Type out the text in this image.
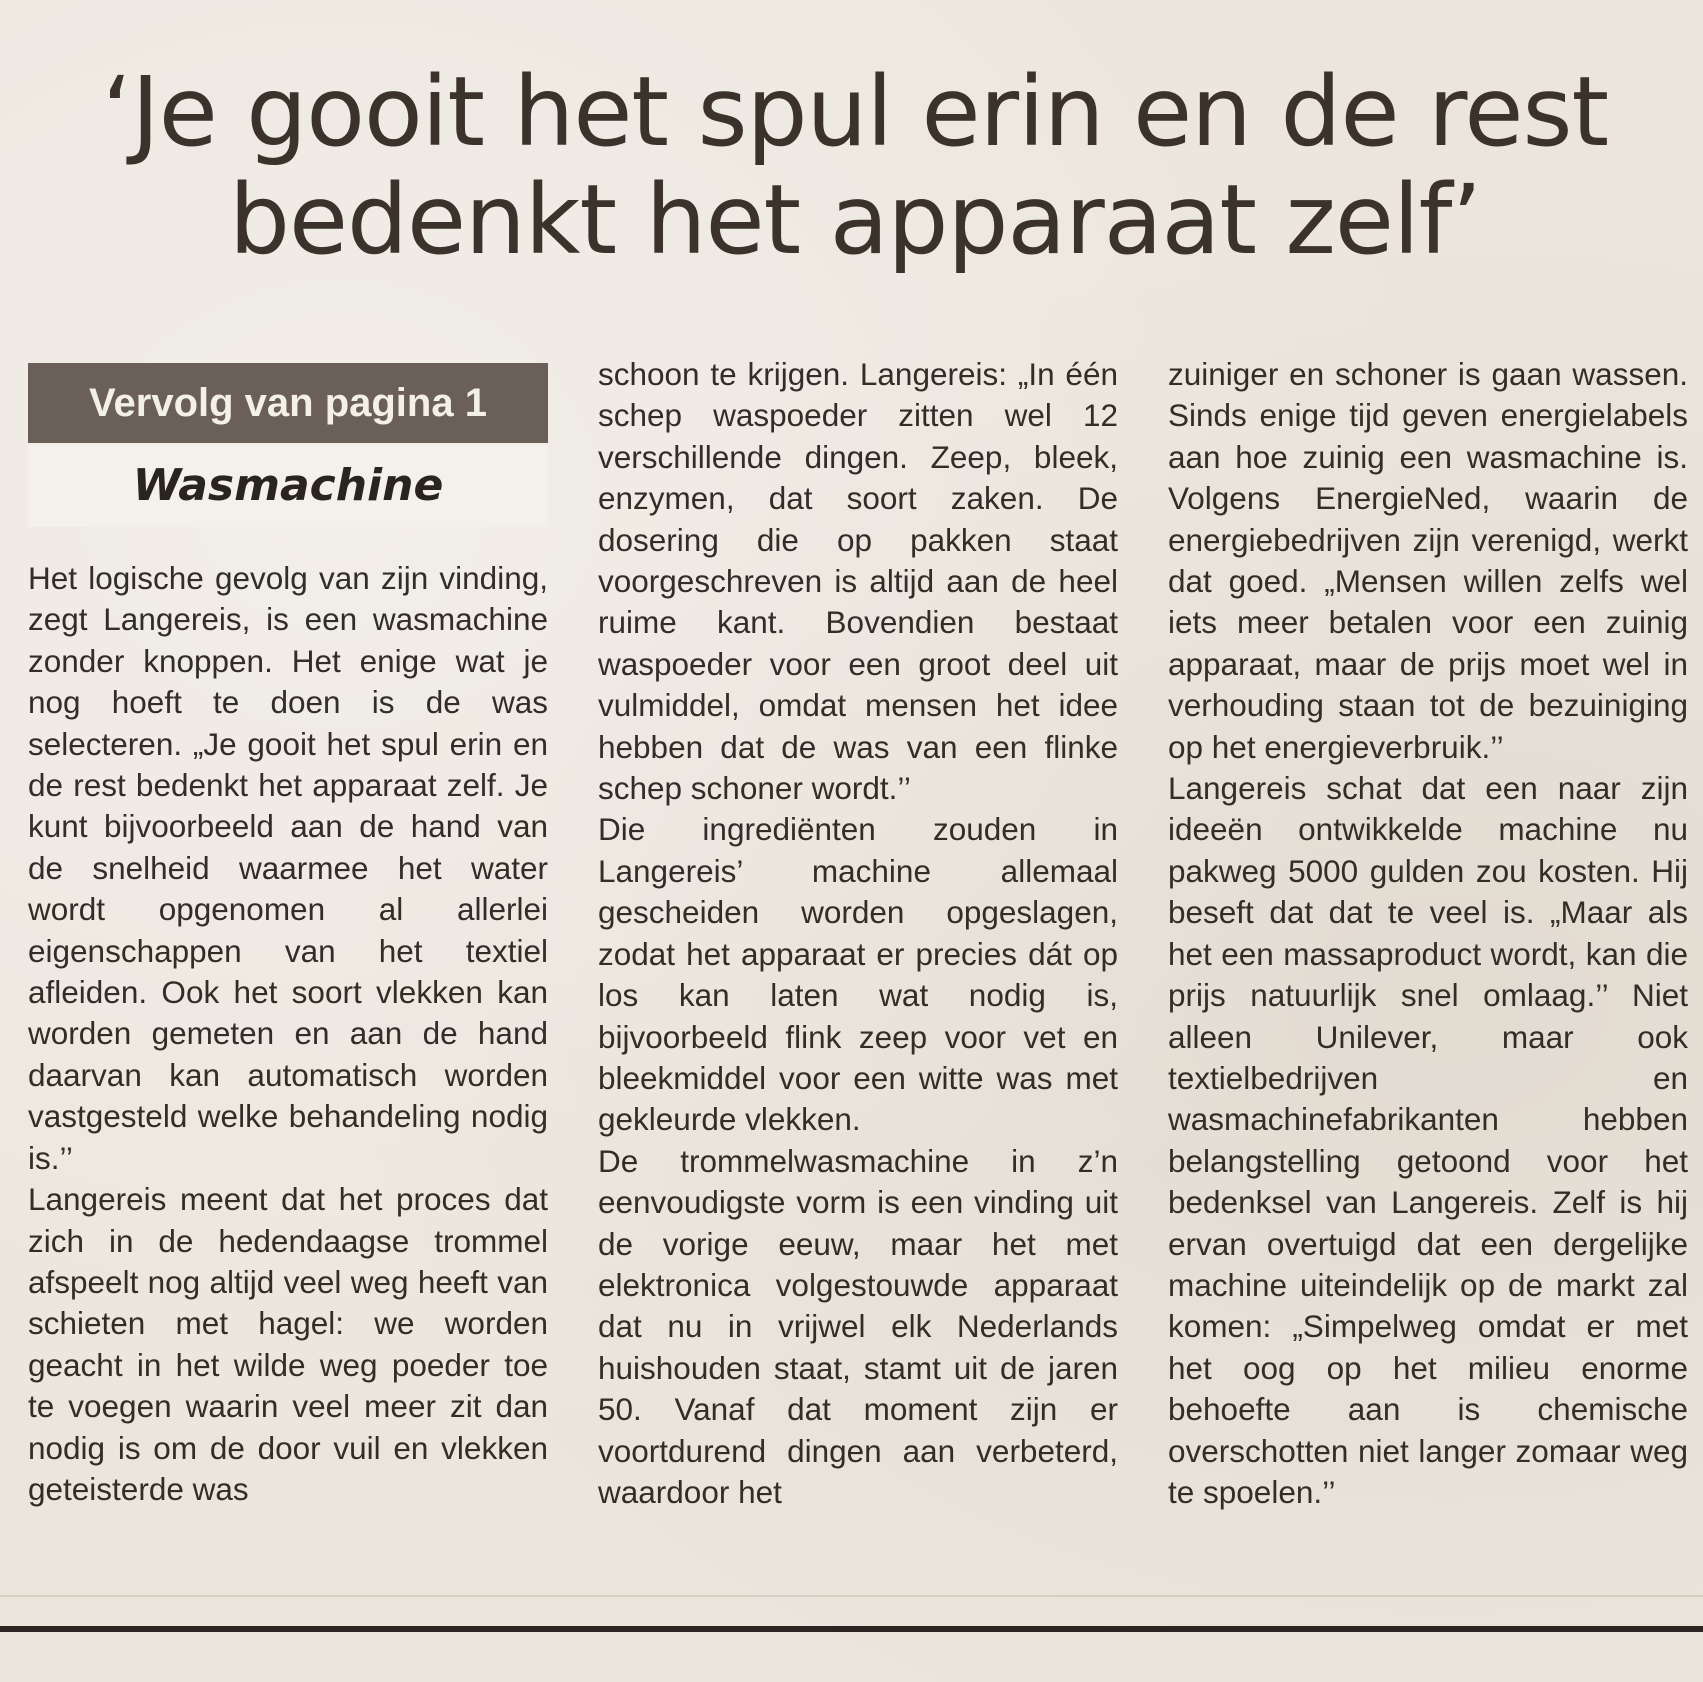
‘Je gooit het spul erin en de rest
bedenkt het apparaat zelf’
Vervolg van pagina 1
Wasmachine

Het logische gevolg van zijn vinding, zegt Langereis, is een wasmachine zonder knoppen. Het enige wat je nog hoeft te doen is de was selecteren. „Je gooit het spul erin en de rest bedenkt het apparaat zelf. Je kunt bijvoorbeeld aan de hand van de snelheid waarmee het water wordt opgenomen al allerlei eigenschappen van het textiel afleiden. Ook het soort vlekken kan worden gemeten en aan de hand daarvan kan automatisch worden vastgesteld welke behandeling nodig is.’’

Langereis meent dat het proces dat zich in de hedendaagse trommel afspeelt nog altijd veel weg heeft van schieten met hagel: we worden geacht in het wilde weg poeder toe te voegen waarin veel meer zit dan nodig is om de door vuil en vlekken geteisterde was

schoon te krijgen. Langereis: „In één schep waspoeder zitten wel 12 verschillende dingen. Zeep, bleek, enzymen, dat soort zaken. De dosering die op pakken staat voorgeschreven is altijd aan de heel ruime kant. Bovendien bestaat waspoeder voor een groot deel uit vulmiddel, omdat mensen het idee hebben dat de was van een flinke schep schoner wordt.’’

Die ingrediënten zouden in Langereis’ machine allemaal gescheiden worden opgeslagen, zodat het apparaat er precies dát op los kan laten wat nodig is, bijvoorbeeld flink zeep voor vet en bleekmiddel voor een witte was met gekleurde vlekken.

De trommelwasmachine in z’n eenvoudigste vorm is een vinding uit de vorige eeuw, maar het met elektronica volgestouwde apparaat dat nu in vrijwel elk Nederlands huishouden staat, stamt uit de jaren 50. Vanaf dat moment zijn er voortdurend dingen aan verbeterd, waardoor het

zuiniger en schoner is gaan wassen. Sinds enige tijd geven energielabels aan hoe zuinig een wasmachine is. Volgens EnergieNed, waarin de energiebedrijven zijn verenigd, werkt dat goed. „Mensen willen zelfs wel iets meer betalen voor een zuinig apparaat, maar de prijs moet wel in verhouding staan tot de bezuiniging op het energieverbruik.’’

Langereis schat dat een naar zijn ideeën ontwikkelde machine nu pakweg 5000 gulden zou kosten. Hij beseft dat dat te veel is. „Maar als het een massaproduct wordt, kan die prijs natuurlijk snel omlaag.’’ Niet alleen Unilever, maar ook textielbedrijven en wasmachinefabrikanten hebben belangstelling getoond voor het bedenksel van Langereis. Zelf is hij ervan overtuigd dat een dergelijke machine uiteindelijk op de markt zal komen: „Simpelweg omdat er met het oog op het milieu enorme behoefte aan is chemische overschotten niet langer zomaar weg te spoelen.’’
